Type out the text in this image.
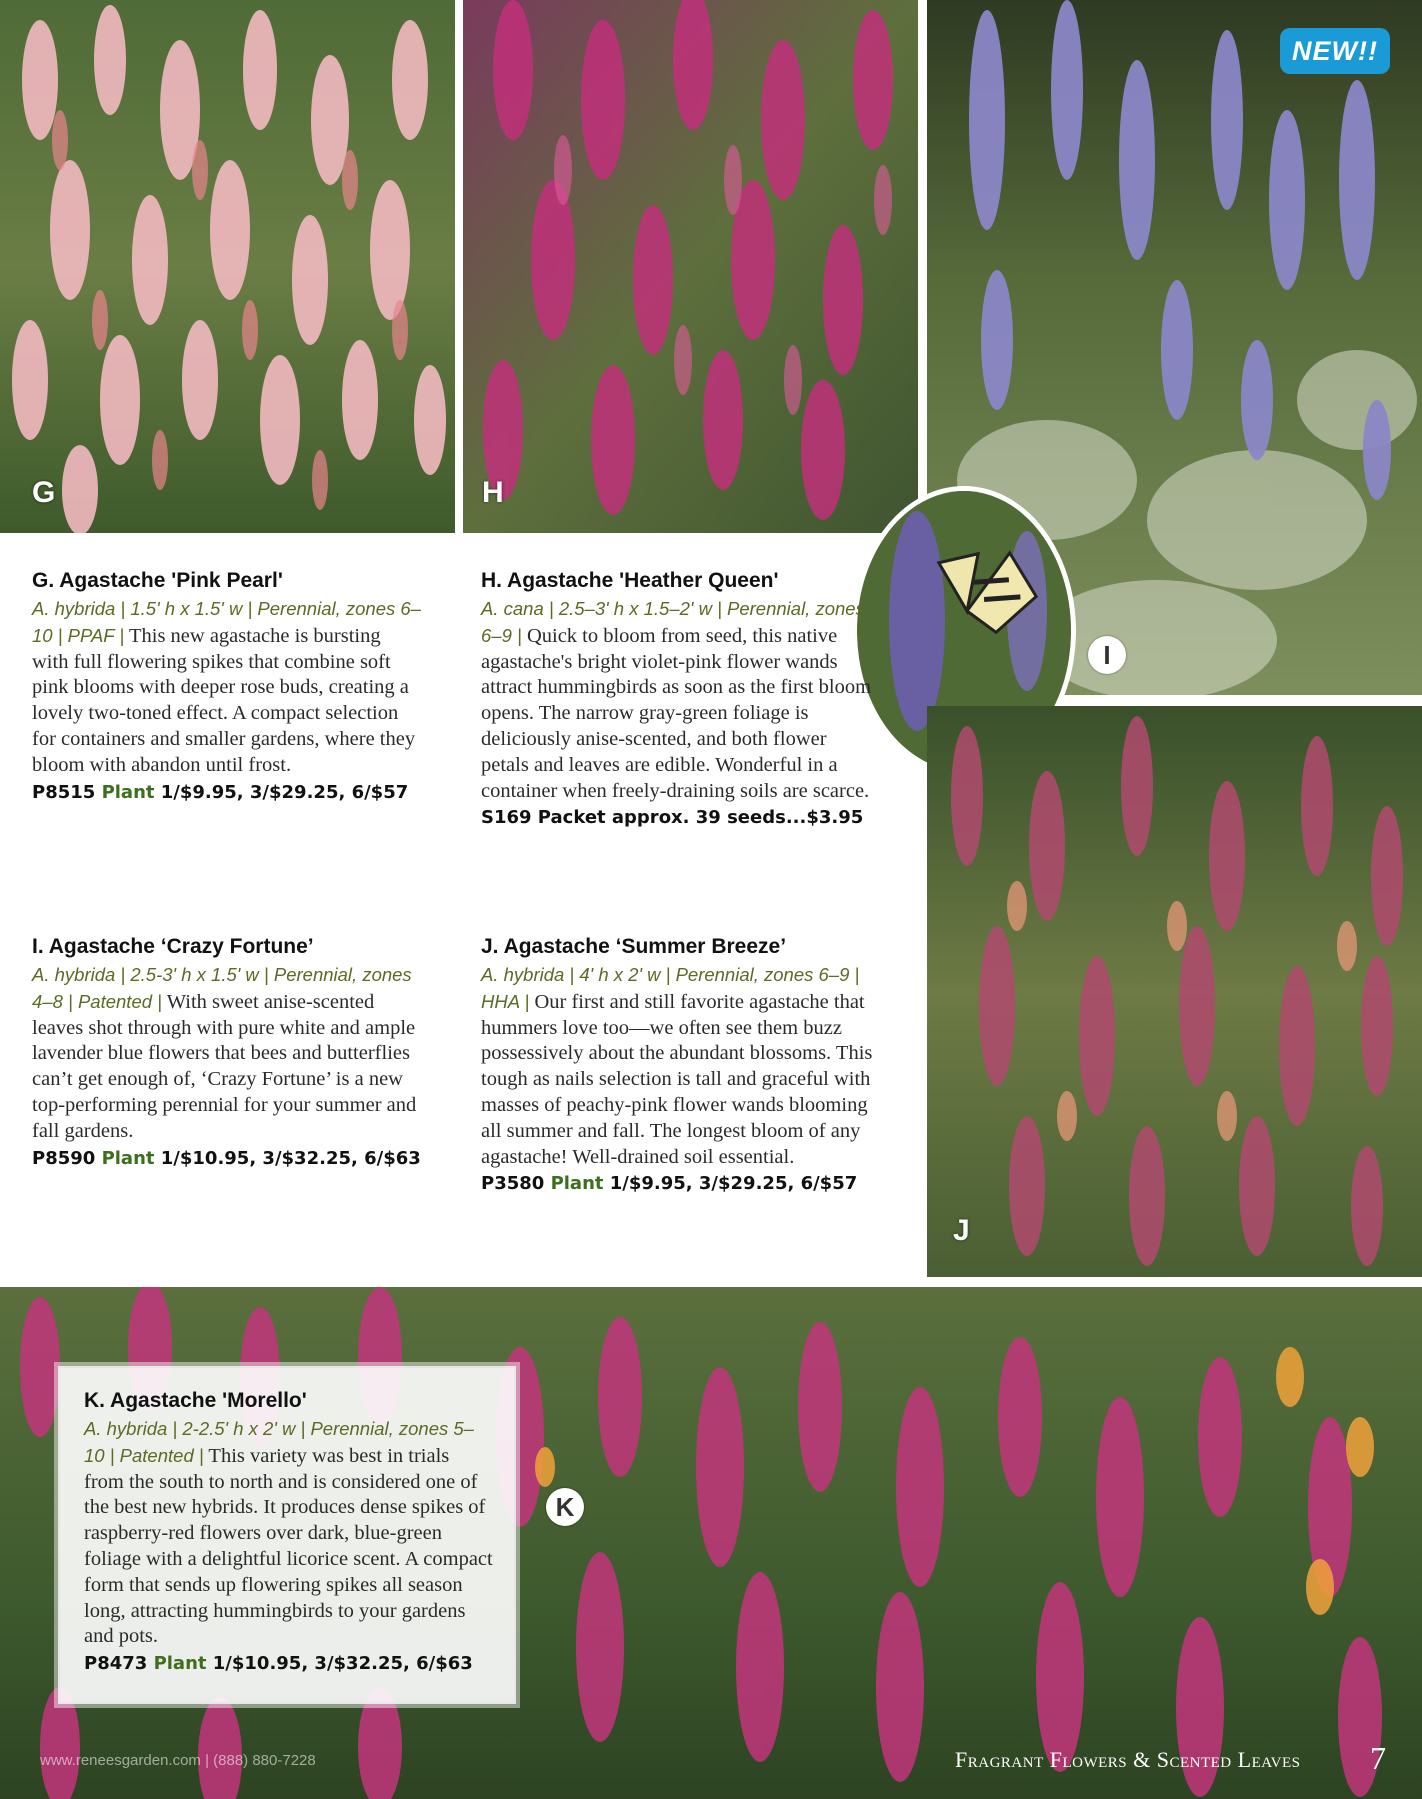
G	H
NEW!!
I
J
K
G. Agastache 'Pink Pearl'
A. hybrida | 1.5' h x 1.5' w | Perennial, zones 6–10 | PPAF | This new agastache is bursting with full flowering spikes that combine soft pink blooms with deeper rose buds, creating a lovely two-toned effect. A compact selection for containers and smaller gardens, where they bloom with abandon until frost.
P8515 Plant 1/$9.95, 3/$29.25, 6/$57
H. Agastache 'Heather Queen'
A. cana | 2.5–3' h x 1.5–2' w | Perennial, zones 6–9 | Quick to bloom from seed, this native agastache's bright violet-pink flower wands attract hummingbirds as soon as the first bloom opens. The narrow gray-green foliage is deliciously anise-scented, and both flower petals and leaves are edible. Wonderful in a container when freely-draining soils are scarce.
S169 Packet approx. 39 seeds...$3.95
I. Agastache ‘Crazy Fortune’
A. hybrida | 2.5-3' h x 1.5' w | Perennial, zones 4–8 | Patented | With sweet anise-scented leaves shot through with pure white and ample lavender blue flowers that bees and butterflies can’t get enough of, ‘Crazy Fortune’ is a new top-performing perennial for your summer and fall gardens.
P8590 Plant 1/$10.95, 3/$32.25, 6/$63
J. Agastache ‘Summer Breeze’
A. hybrida | 4' h x 2' w | Perennial, zones 6–9 | HHA | Our first and still favorite agastache that hummers love too—we often see them buzz possessively about the abundant blossoms. This tough as nails selection is tall and graceful with masses of peachy-pink flower wands blooming all summer and fall. The longest bloom of any agastache! Well-drained soil essential.
P3580 Plant 1/$9.95, 3/$29.25, 6/$57
K. Agastache 'Morello'
A. hybrida | 2-2.5' h x 2' w | Perennial, zones 5–10 | Patented | This variety was best in trials from the south to north and is considered one of the best new hybrids. It produces dense spikes of raspberry-red flowers over dark, blue-green foliage with a delightful licorice scent. A compact form that sends up flowering spikes all season long, attracting hummingbirds to your gardens and pots.
P8473 Plant 1/$10.95, 3/$32.25, 6/$63
www.reneesgarden.com | (888) 880-7228	Fragrant Flowers & Scented Leaves 7
